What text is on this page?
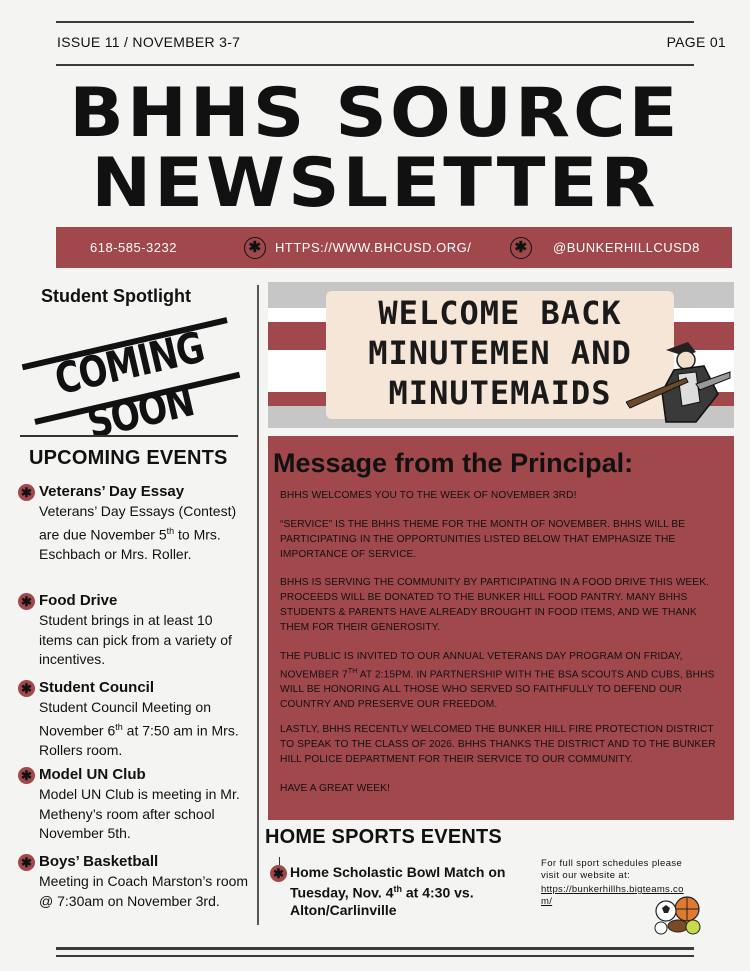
ISSUE 11 / NOVEMBER 3-7	PAGE 01
BHHS SOURCE
NEWSLETTER
618-585-3232	✱	HTTPS://WWW.BHCUSD.ORG/	✱	@BUNKERHILLCUSD8
Student Spotlight
COMING SOON
UPCOMING EVENTS
✱ Veterans’ Day Essay
Veterans’ Day Essays (Contest) are due November 5th to Mrs. Eschbach or Mrs. Roller.
✱ Food Drive
Student brings in at least 10 items can pick from a variety of incentives.
✱ Student Council
Student Council Meeting on November 6th at 7:50 am in Mrs. Rollers room.
✱ Model UN Club
Model UN Club is meeting in Mr. Metheny’s room after school November 5th.
✱ Boys’ Basketball
Meeting in Coach Marston’s room @ 7:30am on November 3rd.
WELCOME BACK
MINUTEMEN AND
MINUTEMAIDS
Message from the Principal:
BHHS WELCOMES YOU TO THE WEEK OF NOVEMBER 3RD!
“SERVICE” IS THE BHHS THEME FOR THE MONTH OF NOVEMBER. BHHS WILL BE PARTICIPATING IN THE OPPORTUNITIES LISTED BELOW THAT EMPHASIZE THE IMPORTANCE OF SERVICE.
BHHS IS SERVING THE COMMUNITY BY PARTICIPATING IN A FOOD DRIVE THIS WEEK. PROCEEDS WILL BE DONATED TO THE BUNKER HILL FOOD PANTRY. MANY BHHS STUDENTS & PARENTS HAVE ALREADY BROUGHT IN FOOD ITEMS, AND WE THANK THEM FOR THEIR GENEROSITY.
THE PUBLIC IS INVITED TO OUR ANNUAL VETERANS DAY PROGRAM ON FRIDAY, NOVEMBER 7TH AT 2:15PM. IN PARTNERSHIP WITH THE BSA SCOUTS AND CUBS, BHHS WILL BE HONORING ALL THOSE WHO SERVED SO FAITHFULLY TO DEFEND OUR COUNTRY AND PRESERVE OUR FREEDOM.
LASTLY, BHHS RECENTLY WELCOMED THE BUNKER HILL FIRE PROTECTION DISTRICT TO SPEAK TO THE CLASS OF 2026. BHHS THANKS THE DISTRICT AND TO THE BUNKER HILL POLICE DEPARTMENT FOR THEIR SERVICE TO OUR COMMUNITY.
HAVE A GREAT WEEK!
HOME SPORTS EVENTS
✱ Home Scholastic Bowl Match on Tuesday, Nov. 4th at 4:30 vs. Alton/Carlinville
For full sport schedules please visit our website at:
https://bunkerhillhs.bigteams.com/
